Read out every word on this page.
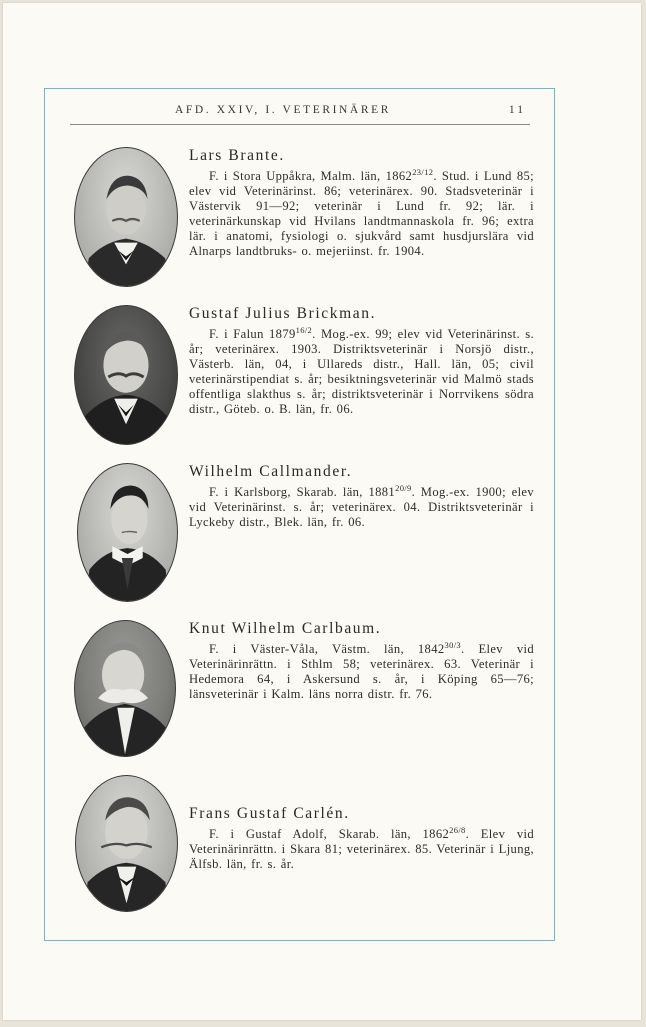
AFD. XXIV, I. VETERINÄRER	11

Lars Brante.

F. i Stora Uppåkra, Malm. län, $1862^{23/12}$. Stud. i Lund 85; elev vid Veterinärinst. 86; veterinärex. 90. Stadsveterinär i Västervik 91—92; veterinär i Lund fr. 92; lär. i veterinärkunskap vid Hvilans landtmannaskola fr. 96; extra lär. i anatomi, fysiologi o. sjukvård samt husdjurslära vid Alnarps landtbruks- o. mejeriinst. fr. 1904.

Gustaf Julius Brickman.

F. i Falun $1879^{16/2}$. Mog.-ex. 99; elev vid Veterinärinst. s. år; veterinärex. 1903. Distriktsveterinär i Norsjö distr., Västerb. län, 04, i Ullareds distr., Hall. län, 05; civil veterinärstipendiat s. år; besiktningsveterinär vid Malmö stads offentliga slakthus s. år; distriktsveterinär i Norrvikens södra distr., Göteb. o. B. län, fr. 06.

Wilhelm Callmander.

F. i Karlsborg, Skarab. län, $1881^{20/9}$. Mog.-ex. 1900; elev vid Veterinärinst. s. år; veterinärex. 04. Distriktsveterinär i Lyckeby distr., Blek. län, fr. 06.

Knut Wilhelm Carlbaum.

F. i Väster-Våla, Västm. län, $1842^{30/3}$. Elev vid Veterinärinrättn. i Sthlm 58; veterinärex. 63. Veterinär i Hedemora 64, i Askersund s. år, i Köping 65—76; länsveterinär i Kalm. läns norra distr. fr. 76.

Frans Gustaf Carlén.

F. i Gustaf Adolf, Skarab. län, $1862^{26/8}$. Elev vid Veterinärinrättn. i Skara 81; veterinärex. 85. Veterinär i Ljung, Älfsb. län, fr. s. år.
